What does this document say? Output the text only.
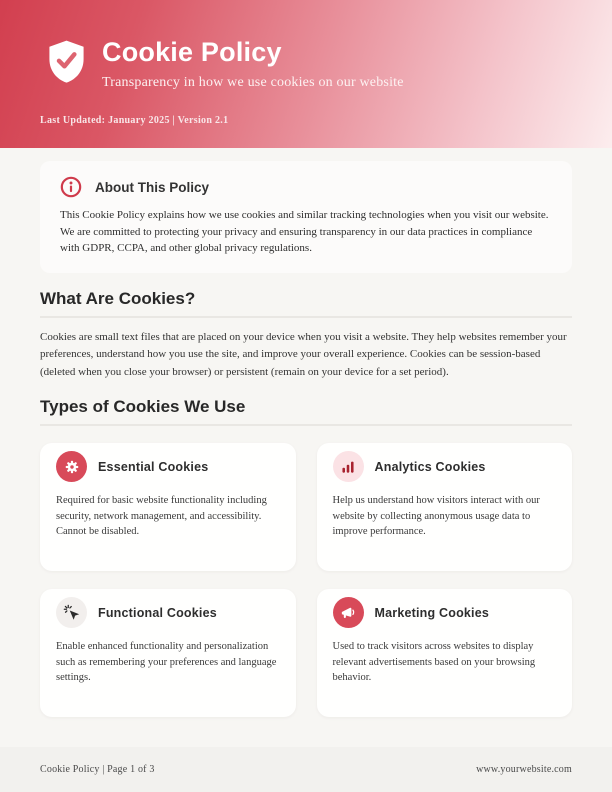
Cookie Policy
Transparency in how we use cookies on our website
Last Updated: January 2025 | Version 2.1
About This Policy
This Cookie Policy explains how we use cookies and similar tracking technologies when you visit our website. We are committed to protecting your privacy and ensuring transparency in our data practices in compliance with GDPR, CCPA, and other global privacy regulations.
What Are Cookies?
Cookies are small text files that are placed on your device when you visit a website. They help websites remember your preferences, understand how you use the site, and improve your overall experience. Cookies can be session-based (deleted when you close your browser) or persistent (remain on your device for a set period).
Types of Cookies We Use
Essential Cookies
Required for basic website functionality including security, network management, and accessibility. Cannot be disabled.
Analytics Cookies
Help us understand how visitors interact with our website by collecting anonymous usage data to improve performance.
Functional Cookies
Enable enhanced functionality and personalization such as remembering your preferences and language settings.
Marketing Cookies
Used to track visitors across websites to display relevant advertisements based on your browsing behavior.
Cookie Policy | Page 1 of 3	www.yourwebsite.com
